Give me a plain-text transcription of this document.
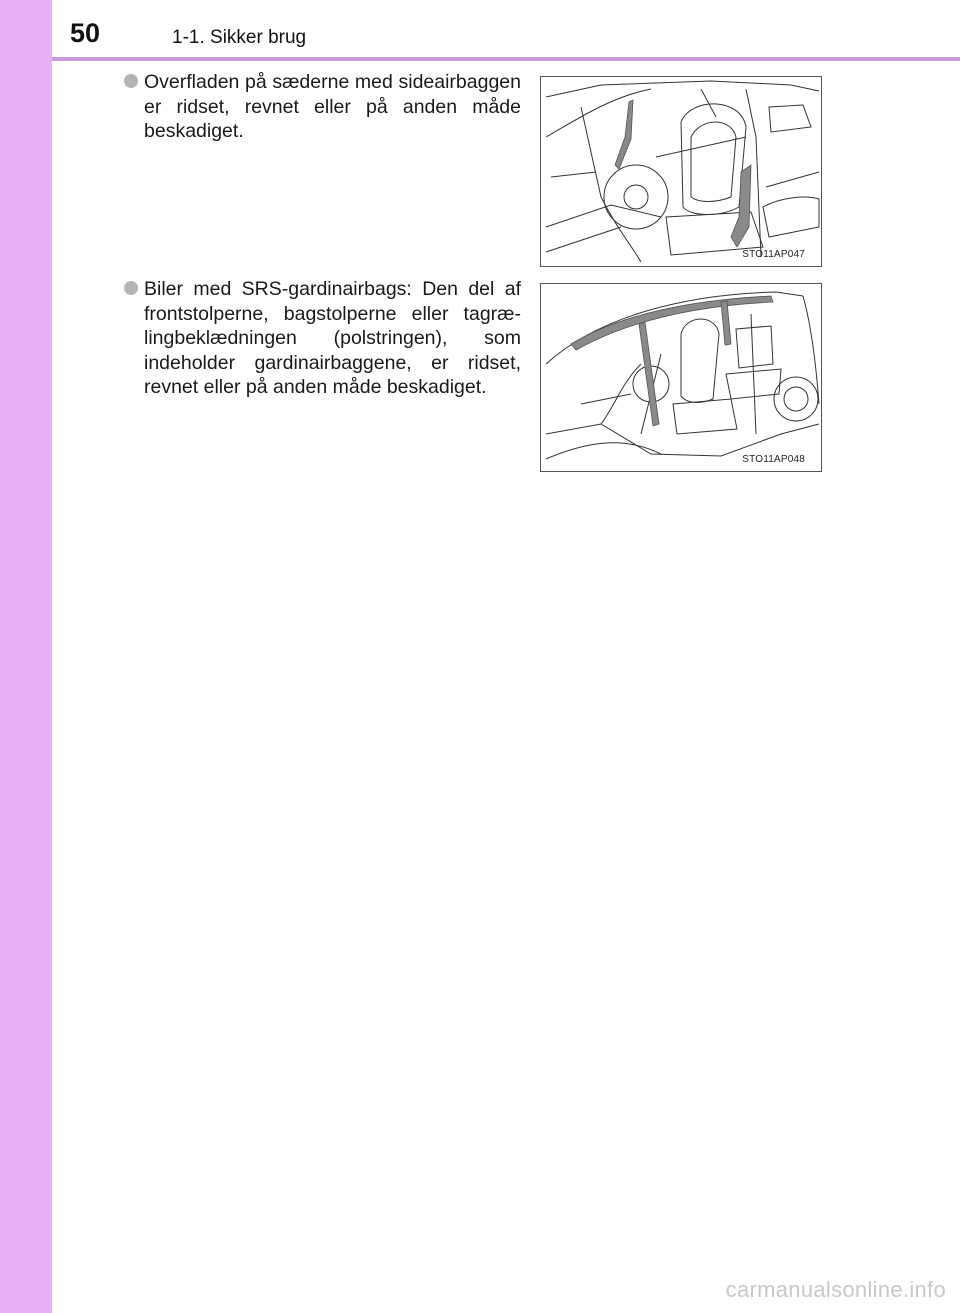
50	1-1. Sikker brug
Overfladen på sæderne med sideairbaggen er ridset, revnet eller på anden måde beskadiget.
STO11AP047
Biler med SRS-gardinairbags: Den del af frontstolperne, bagstolperne eller tagrælingbeklædningen (polstringen), som indeholder gardinairbaggene, er ridset, revnet eller på anden måde beskadiget.
STO11AP048
carmanualsonline.info
